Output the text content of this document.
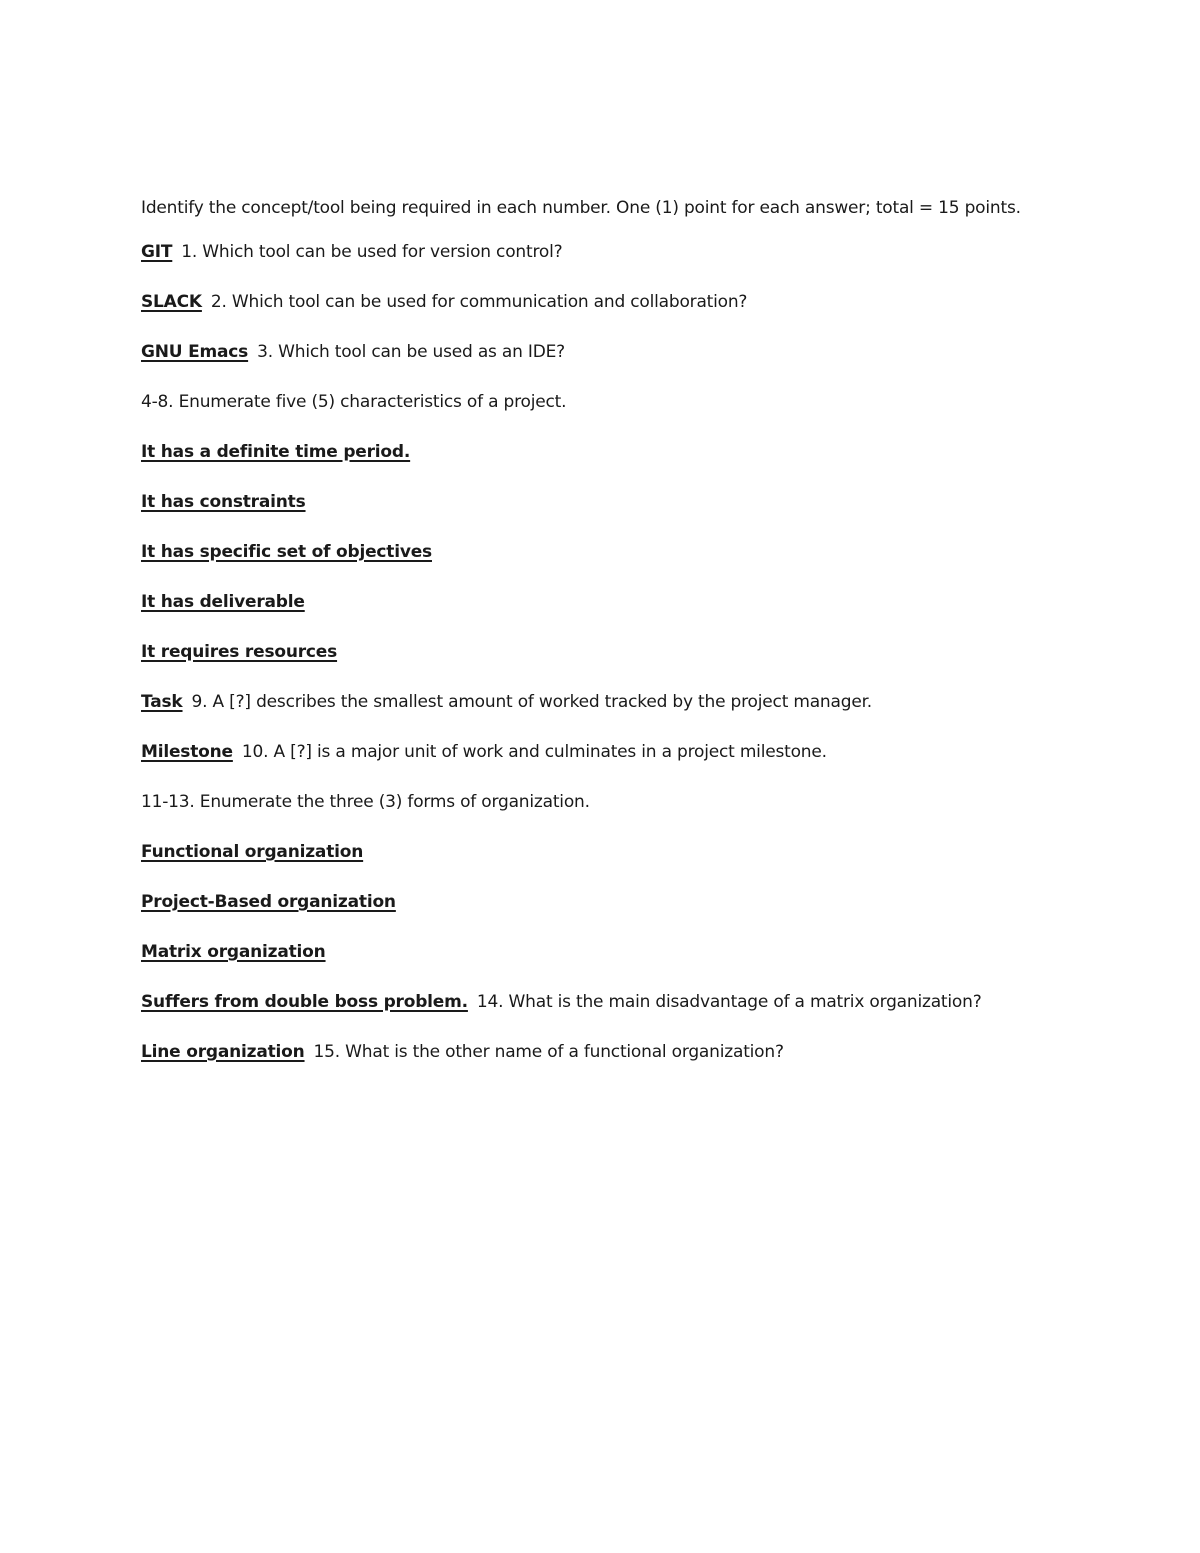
Identify the concept/tool being required in each number. One (1) point for each answer; total = 15 points.

GIT 1. Which tool can be used for version control?
SLACK 2. Which tool can be used for communication and collaboration?
GNU Emacs 3. Which tool can be used as an IDE?
4-8. Enumerate five (5) characteristics of a project.
It has a definite time period.
It has constraints
It has specific set of objectives
It has deliverable
It requires resources
Task 9. A [?] describes the smallest amount of worked tracked by the project manager.
Milestone 10. A [?] is a major unit of work and culminates in a project milestone.
11-13. Enumerate the three (3) forms of organization.
Functional organization
Project-Based organization
Matrix organization
Suffers from double boss problem. 14. What is the main disadvantage of a matrix organization?
Line organization 15. What is the other name of a functional organization?
